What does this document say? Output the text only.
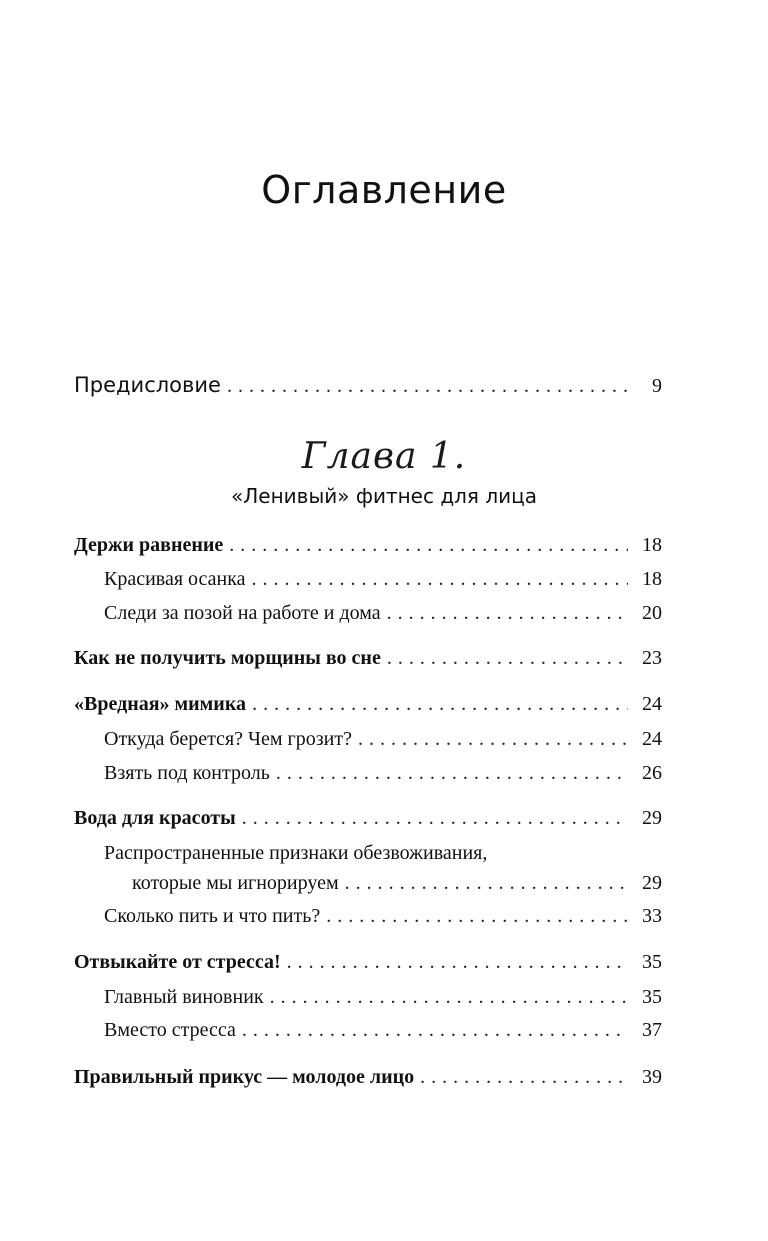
Оглавление
Предисловие . . .	9
Глава 1.
«Ленивый» фитнес для лица
Держи равнение . . .	18
Красивая осанка . . .	18
Следи за позой на работе и дома . . .	20
Как не получить морщины во сне . . .	23
«Вредная» мимика . . .	24
Откуда берется? Чем грозит? . . .	24
Взять под контроль . . .	26
Вода для красоты . . .	29
Распространенные признаки обезвоживания,
которые мы игнорируем . . .	29
Сколько пить и что пить? . . .	33
Отвыкайте от стресса! . . .	35
Главный виновник . . .	35
Вместо стресса . . .	37
Правильный прикус — молодое лицо . . .	39
